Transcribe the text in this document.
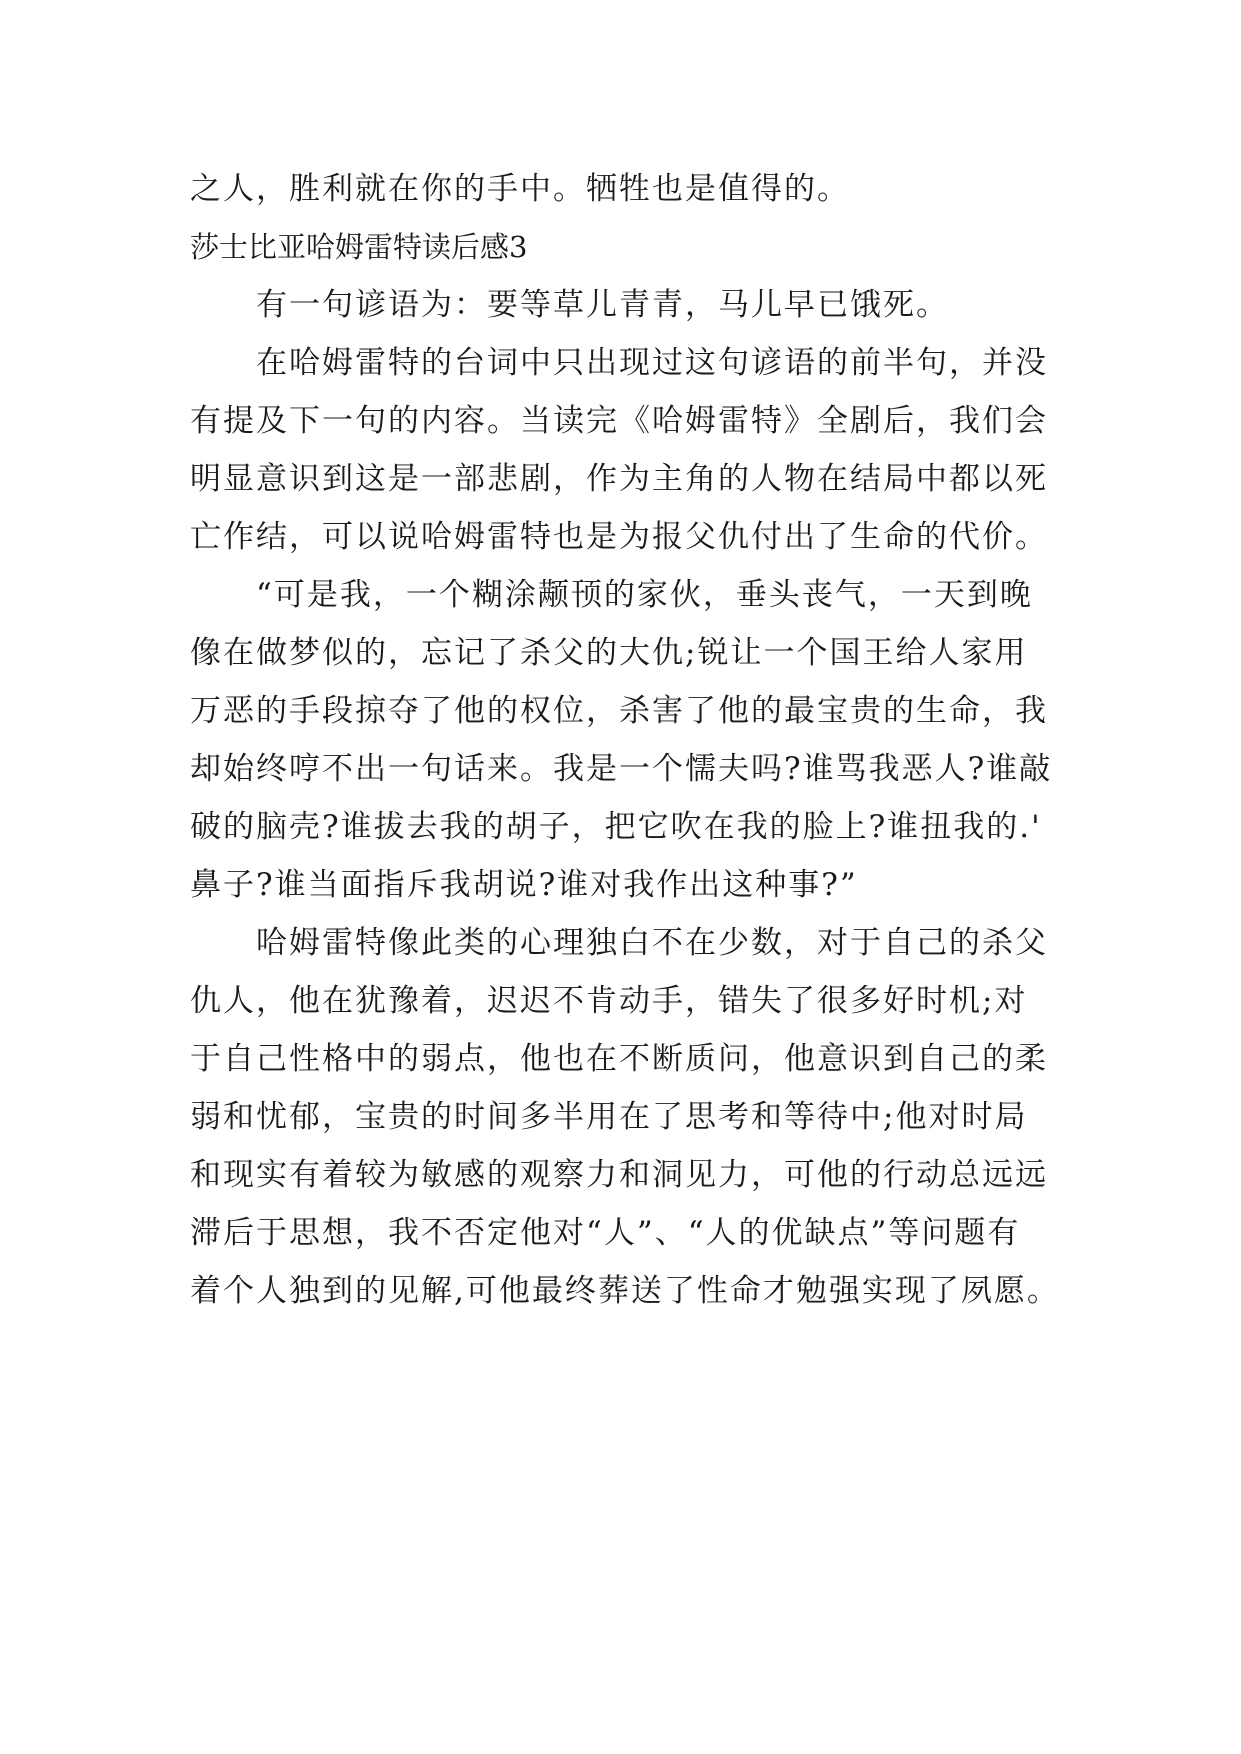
之人，胜利就在你的手中。牺牲也是值得的。
莎士比亚哈姆雷特读后感3
有一句谚语为：要等草儿青青，马儿早已饿死。
在哈姆雷特的台词中只出现过这句谚语的前半句，并没
有提及下一句的内容。当读完《哈姆雷特》全剧后，我们会
明显意识到这是一部悲剧，作为主角的人物在结局中都以死
亡作结，可以说哈姆雷特也是为报父仇付出了生命的代价。
“可是我，一个糊涂颟顸的家伙，垂头丧气，一天到晚
像在做梦似的，忘记了杀父的大仇;锐让一个国王给人家用
万恶的手段掠夺了他的权位，杀害了他的最宝贵的生命，我
却始终哼不出一句话来。我是一个懦夫吗?谁骂我恶人?谁敲
破的脑壳?谁拔去我的胡子，把它吹在我的脸上?谁扭我的.'
鼻子?谁当面指斥我胡说?谁对我作出这种事?”
哈姆雷特像此类的心理独白不在少数，对于自己的杀父
仇人，他在犹豫着，迟迟不肯动手，错失了很多好时机;对
于自己性格中的弱点，他也在不断质问，他意识到自己的柔
弱和忧郁，宝贵的时间多半用在了思考和等待中;他对时局
和现实有着较为敏感的观察力和洞见力，可他的行动总远远
滞后于思想，我不否定他对“人”、“人的优缺点”等问题有
着个人独到的见解,可他最终葬送了性命才勉强实现了夙愿。
